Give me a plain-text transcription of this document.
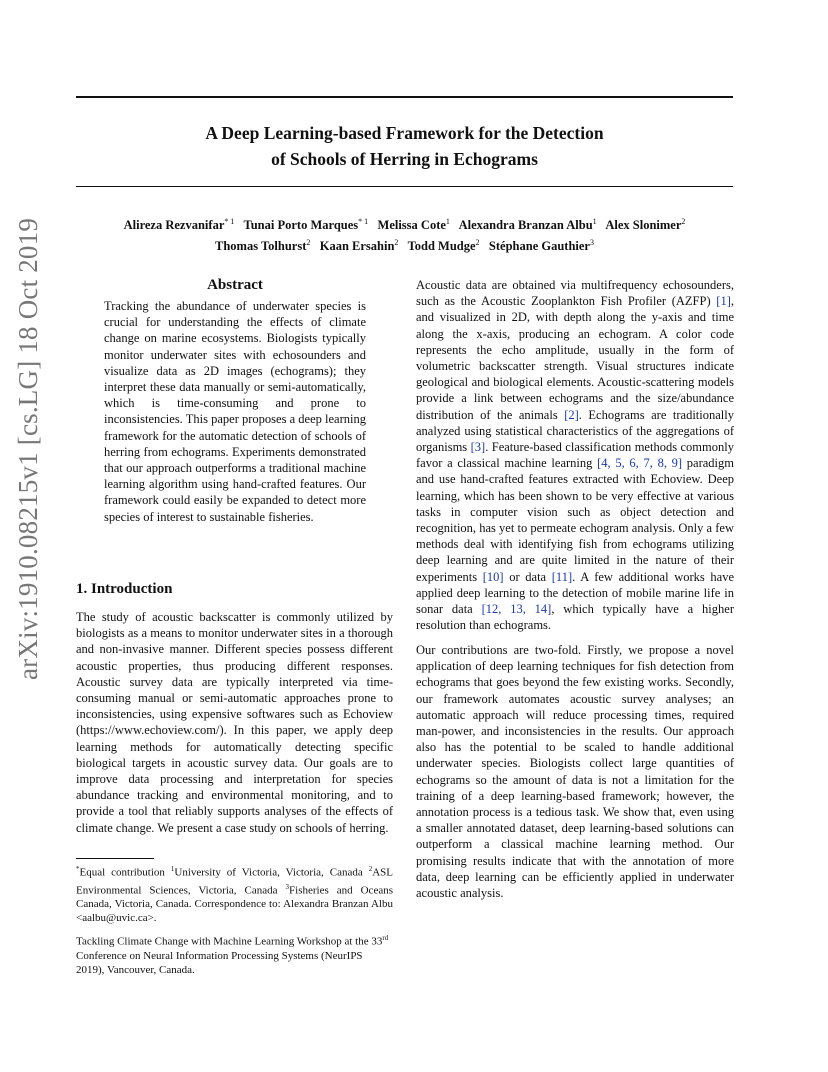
arXiv:1910.08215v1 [cs.LG] 18 Oct 2019
A Deep Learning-based Framework for the Detection
of Schools of Herring in Echograms
Alireza Rezvanifar$^{* 1}$ Tunai Porto Marques$^{* 1}$ Melissa Cote$^1$ Alexandra Branzan Albu$^1$ Alex Slonimer$^2$
Thomas Tolhurst$^2$ Kaan Ersahin$^2$ Todd Mudge$^2$ Stéphane Gauthier$^3$
Abstract
Tracking the abundance of underwater species is crucial for understanding the effects of climate change on marine ecosystems. Biologists typically monitor underwater sites with echosounders and visualize data as 2D images (echograms); they interpret these data manually or semi-automatically, which is time-consuming and prone to inconsistencies. This paper proposes a deep learning framework for the automatic detection of schools of herring from echograms. Experiments demonstrated that our approach outperforms a traditional machine learning algorithm using hand-crafted features. Our framework could easily be expanded to detect more species of interest to sustainable fisheries.
1. Introduction
The study of acoustic backscatter is commonly utilized by biologists as a means to monitor underwater sites in a thorough and non-invasive manner. Different species possess different acoustic properties, thus producing different responses. Acoustic survey data are typically interpreted via time-consuming manual or semi-automatic approaches prone to inconsistencies, using expensive softwares such as Echoview (https://www.echoview.com/). In this paper, we apply deep learning methods for automatically detecting specific biological targets in acoustic survey data. Our goals are to improve data processing and interpretation for species abundance tracking and environmental monitoring, and to provide a tool that reliably supports analyses of the effects of climate change. We present a case study on schools of herring.
*Equal contribution $^1$University of Victoria, Victoria, Canada $^2$ASL Environmental Sciences, Victoria, Canada $^3$Fisheries and Oceans Canada, Victoria, Canada. Correspondence to: Alexandra Branzan Albu <aalbu@uvic.ca>.
Tackling Climate Change with Machine Learning Workshop at the 33rd Conference on Neural Information Processing Systems (NeurIPS 2019), Vancouver, Canada.
Acoustic data are obtained via multifrequency echosounders, such as the Acoustic Zooplankton Fish Profiler (AZFP) [1], and visualized in 2D, with depth along the y-axis and time along the x-axis, producing an echogram. A color code represents the echo amplitude, usually in the form of volumetric backscatter strength. Visual structures indicate geological and biological elements. Acoustic-scattering models provide a link between echograms and the size/abundance distribution of the animals [2]. Echograms are traditionally analyzed using statistical characteristics of the aggregations of organisms [3]. Feature-based classification methods commonly favor a classical machine learning [4, 5, 6, 7, 8, 9] paradigm and use hand-crafted features extracted with Echoview. Deep learning, which has been shown to be very effective at various tasks in computer vision such as object detection and recognition, has yet to permeate echogram analysis. Only a few methods deal with identifying fish from echograms utilizing deep learning and are quite limited in the nature of their experiments [10] or data [11]. A few additional works have applied deep learning to the detection of mobile marine life in sonar data [12, 13, 14], which typically have a higher resolution than echograms.
Our contributions are two-fold. Firstly, we propose a novel application of deep learning techniques for fish detection from echograms that goes beyond the few existing works. Secondly, our framework automates acoustic survey analyses; an automatic approach will reduce processing times, required man-power, and inconsistencies in the results. Our approach also has the potential to be scaled to handle additional underwater species. Biologists collect large quantities of echograms so the amount of data is not a limitation for the training of a deep learning-based framework; however, the annotation process is a tedious task. We show that, even using a smaller annotated dataset, deep learning-based solutions can outperform a classical machine learning method. Our promising results indicate that with the annotation of more data, deep learning can be efficiently applied in underwater acoustic analysis.
